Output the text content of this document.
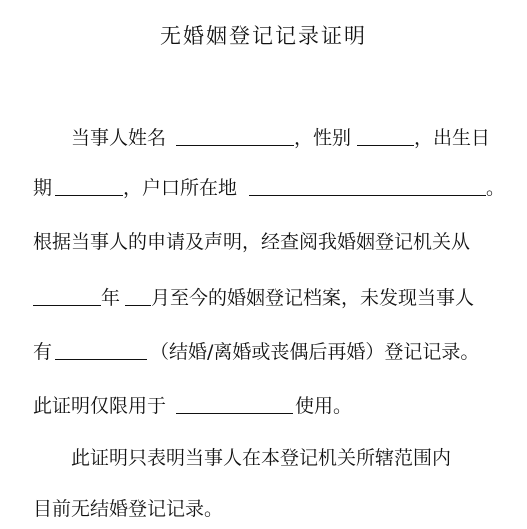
无婚姻登记记录证明
当事人姓名	，性别	，出生日
期	，户口所在地	。
根据当事人的申请及声明，经查阅我婚姻登记机关从
年 月至今的婚姻登记档案，未发现当事人
有	（结婚/离婚或丧偶后再婚）登记记录。
此证明仅限用于	使用。
此证明只表明当事人在本登记机关所辖范围内
目前无结婚登记记录。
